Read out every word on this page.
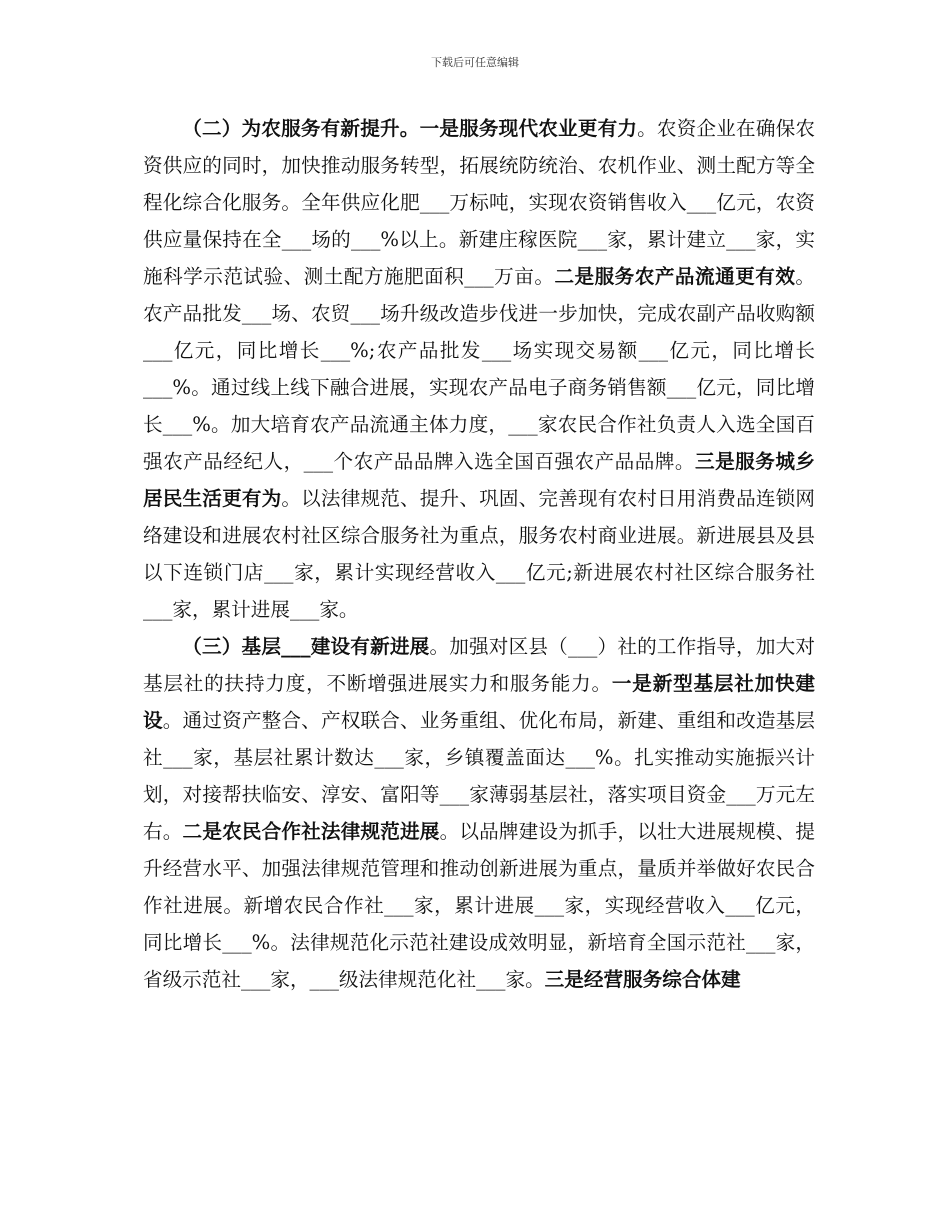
下载后可任意编辑

（二）为农服务有新提升。一是服务现代农业更有力。农资企业在确保农资供应的同时，加快推动服务转型，拓展统防统治、农机作业、测土配方等全程化综合化服务。全年供应化肥___万标吨，实现农资销售收入___亿元，农资供应量保持在全___场的___%以上。新建庄稼医院___家，累计建立___家，实施科学示范试验、测土配方施肥面积___万亩。二是服务农产品流通更有效。农产品批发___场、农贸___场升级改造步伐进一步加快，完成农副产品收购额___亿元，同比增长___%;农产品批发___场实现交易额___亿元，同比增长___%。通过线上线下融合进展，实现农产品电子商务销售额___亿元，同比增长___%。加大培育农产品流通主体力度，___家农民合作社负责人入选全国百强农产品经纪人，___个农产品品牌入选全国百强农产品品牌。三是服务城乡居民生活更有为。以法律规范、提升、巩固、完善现有农村日用消费品连锁网络建设和进展农村社区综合服务社为重点，服务农村商业进展。新进展县及县以下连锁门店___家，累计实现经营收入___亿元;新进展农村社区综合服务社___家，累计进展___家。

（三）基层___建设有新进展。加强对区县（___）社的工作指导，加大对基层社的扶持力度，不断增强进展实力和服务能力。一是新型基层社加快建设。通过资产整合、产权联合、业务重组、优化布局，新建、重组和改造基层社___家，基层社累计数达___家，乡镇覆盖面达___%。扎实推动实施振兴计划，对接帮扶临安、淳安、富阳等___家薄弱基层社，落实项目资金___万元左右。二是农民合作社法律规范进展。以品牌建设为抓手，以壮大进展规模、提升经营水平、加强法律规范管理和推动创新进展为重点，量质并举做好农民合作社进展。新增农民合作社___家，累计进展___家，实现经营收入___亿元，同比增长___%。法律规范化示范社建设成效明显，新培育全国示范社___家，省级示范社___家，___级法律规范化社___家。三是经营服务综合体建
